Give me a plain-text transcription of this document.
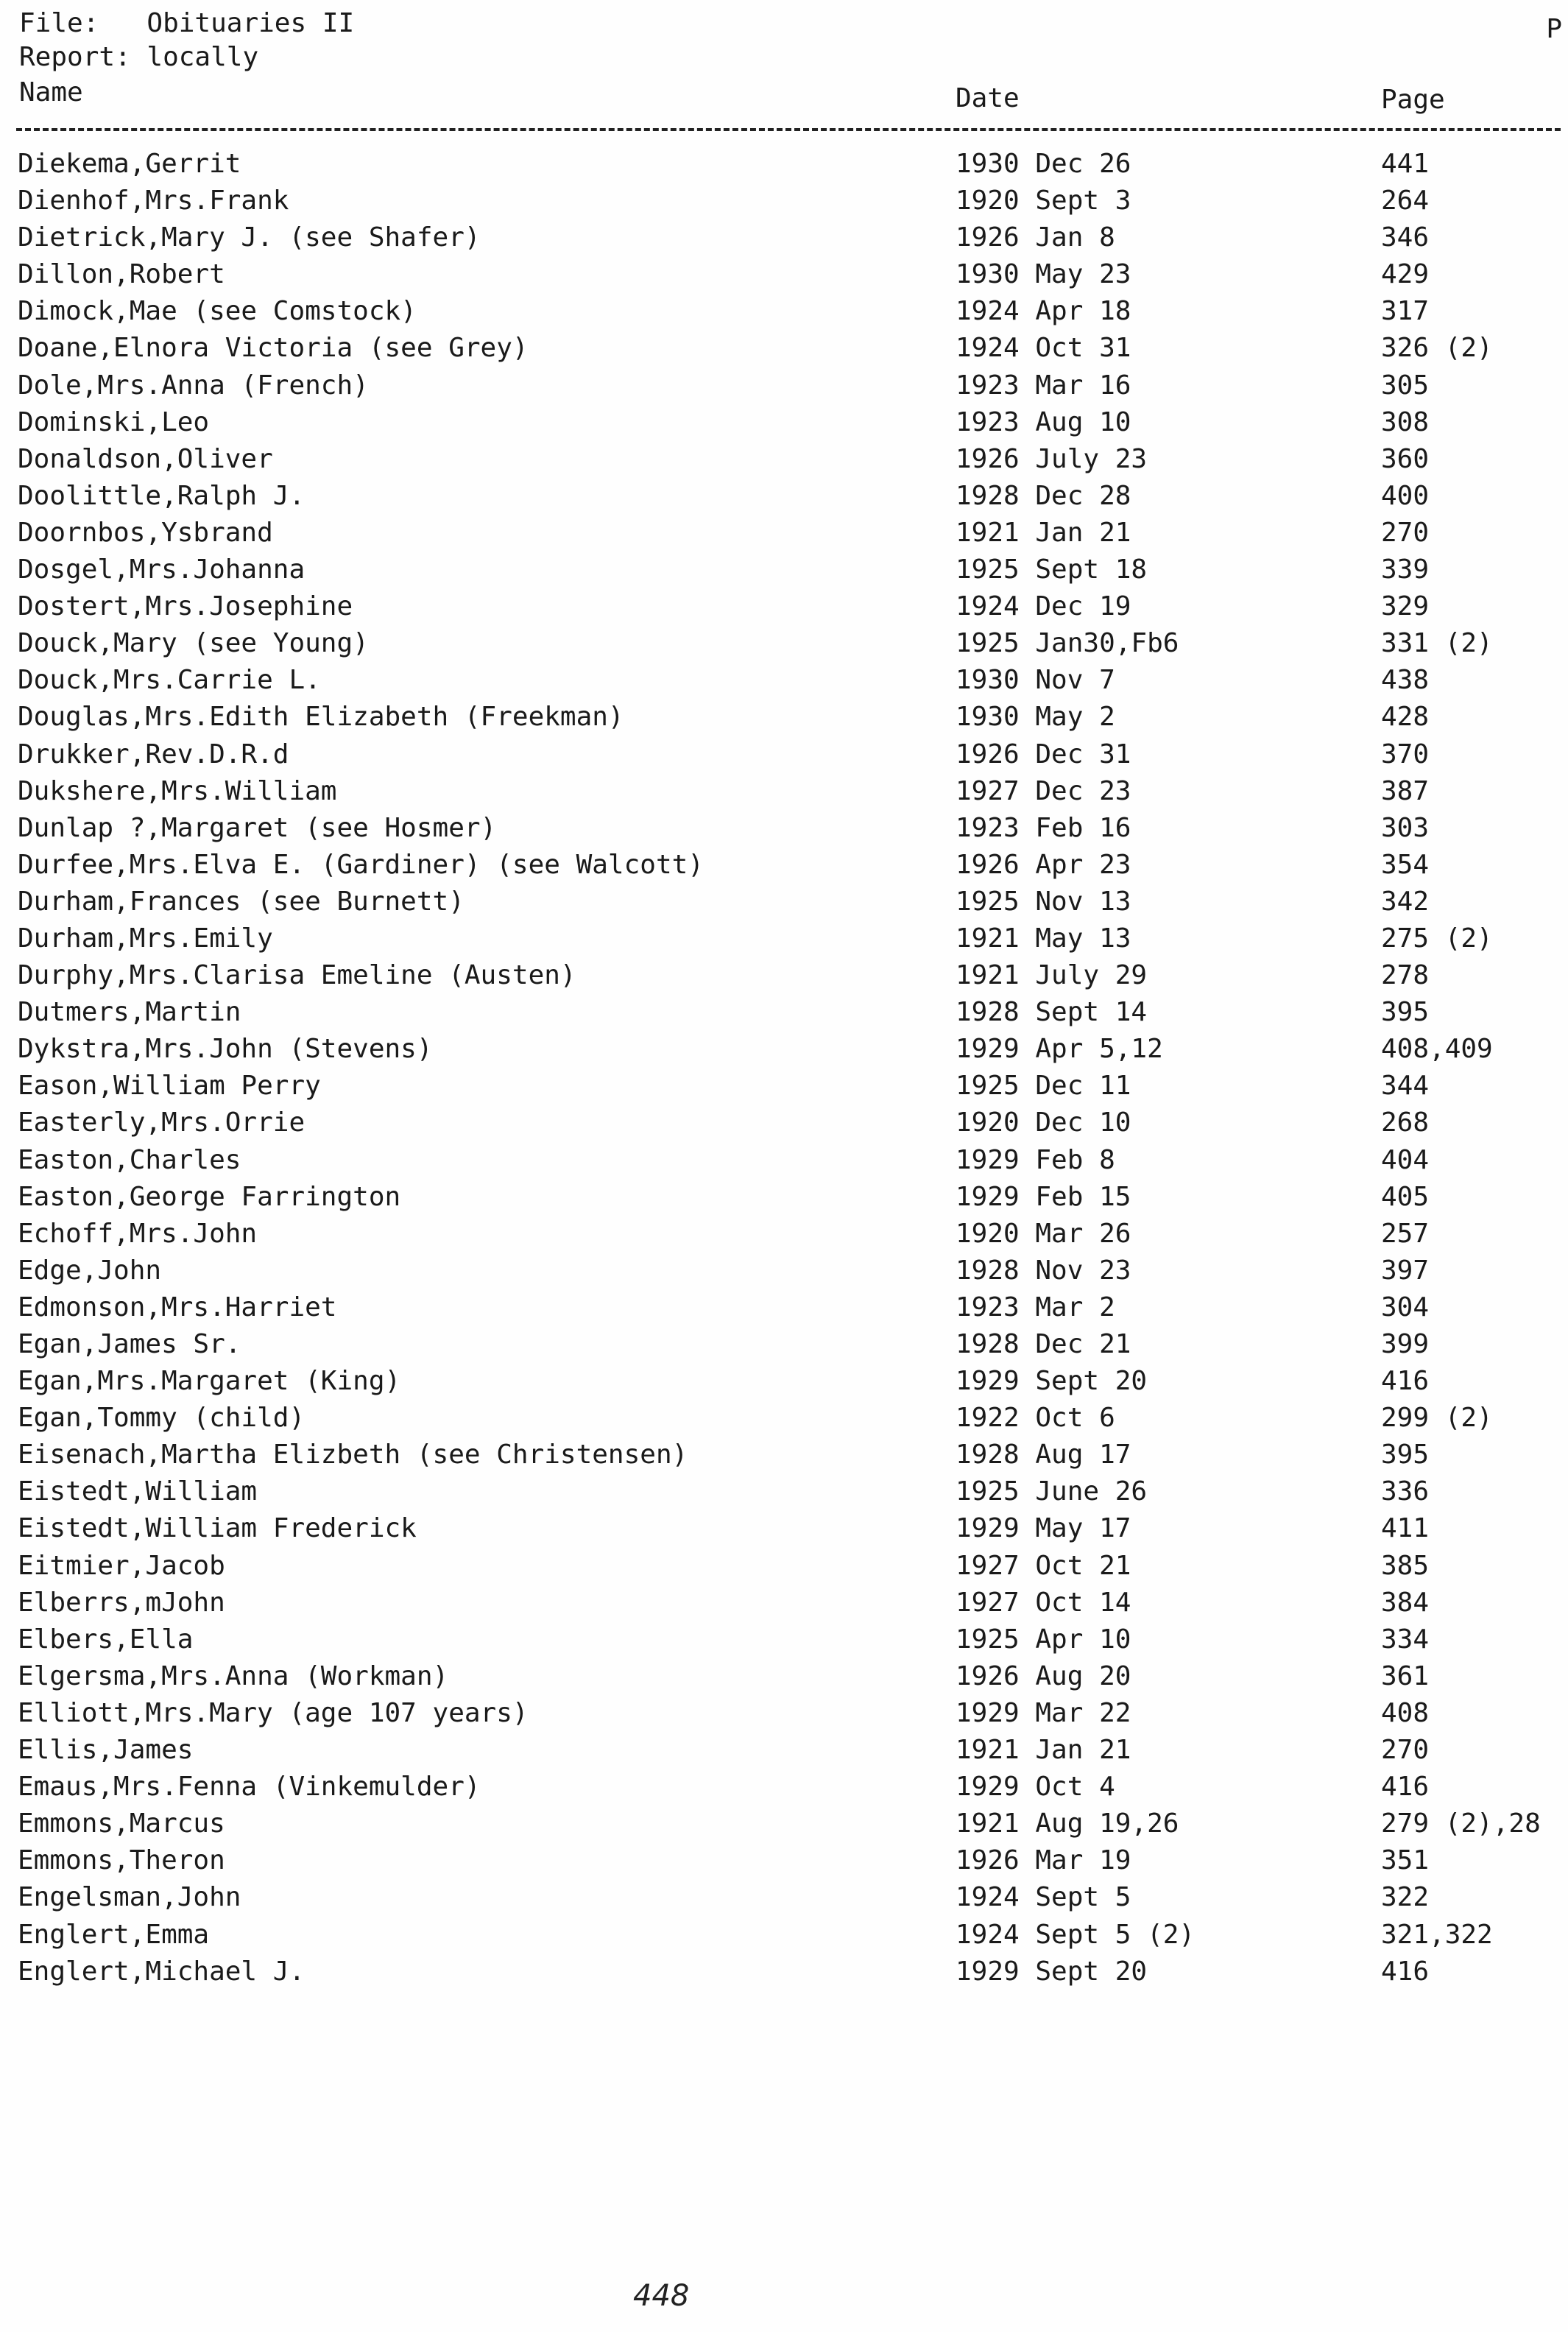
P
File: Obituaries II
Report: locally
Name	Date	Page
Diekema,Gerrit	1930 Dec 26	441
Dienhof,Mrs.Frank	1920 Sept 3	264
Dietrick,Mary J. (see Shafer)	1926 Jan 8	346
Dillon,Robert	1930 May 23	429
Dimock,Mae (see Comstock)	1924 Apr 18	317
Doane,Elnora Victoria (see Grey)	1924 Oct 31	326 (2)
Dole,Mrs.Anna (French)	1923 Mar 16	305
Dominski,Leo	1923 Aug 10	308
Donaldson,Oliver	1926 July 23	360
Doolittle,Ralph J.	1928 Dec 28	400
Doornbos,Ysbrand	1921 Jan 21	270
Dosgel,Mrs.Johanna	1925 Sept 18	339
Dostert,Mrs.Josephine	1924 Dec 19	329
Douck,Mary (see Young)	1925 Jan30,Fb6	331 (2)
Douck,Mrs.Carrie L.	1930 Nov 7	438
Douglas,Mrs.Edith Elizabeth (Freekman)	1930 May 2	428
Drukker,Rev.D.R.d	1926 Dec 31	370
Dukshere,Mrs.William	1927 Dec 23	387
Dunlap ?,Margaret (see Hosmer)	1923 Feb 16	303
Durfee,Mrs.Elva E. (Gardiner) (see Walcott)	1926 Apr 23	354
Durham,Frances (see Burnett)	1925 Nov 13	342
Durham,Mrs.Emily	1921 May 13	275 (2)
Durphy,Mrs.Clarisa Emeline (Austen)	1921 July 29	278
Dutmers,Martin	1928 Sept 14	395
Dykstra,Mrs.John (Stevens)	1929 Apr 5,12	408,409
Eason,William Perry	1925 Dec 11	344
Easterly,Mrs.Orrie	1920 Dec 10	268
Easton,Charles	1929 Feb 8	404
Easton,George Farrington	1929 Feb 15	405
Echoff,Mrs.John	1920 Mar 26	257
Edge,John	1928 Nov 23	397
Edmonson,Mrs.Harriet	1923 Mar 2	304
Egan,James Sr.	1928 Dec 21	399
Egan,Mrs.Margaret (King)	1929 Sept 20	416
Egan,Tommy (child)	1922 Oct 6	299 (2)
Eisenach,Martha Elizbeth (see Christensen)	1928 Aug 17	395
Eistedt,William	1925 June 26	336
Eistedt,William Frederick	1929 May 17	411
Eitmier,Jacob	1927 Oct 21	385
Elberrs,mJohn	1927 Oct 14	384
Elbers,Ella	1925 Apr 10	334
Elgersma,Mrs.Anna (Workman)	1926 Aug 20	361
Elliott,Mrs.Mary (age 107 years)	1929 Mar 22	408
Ellis,James	1921 Jan 21	270
Emaus,Mrs.Fenna (Vinkemulder)	1929 Oct 4	416
Emmons,Marcus	1921 Aug 19,26	279 (2),28
Emmons,Theron	1926 Mar 19	351
Engelsman,John	1924 Sept 5	322
Englert,Emma	1924 Sept 5 (2)	321,322
Englert,Michael J.	1929 Sept 20	416
448
